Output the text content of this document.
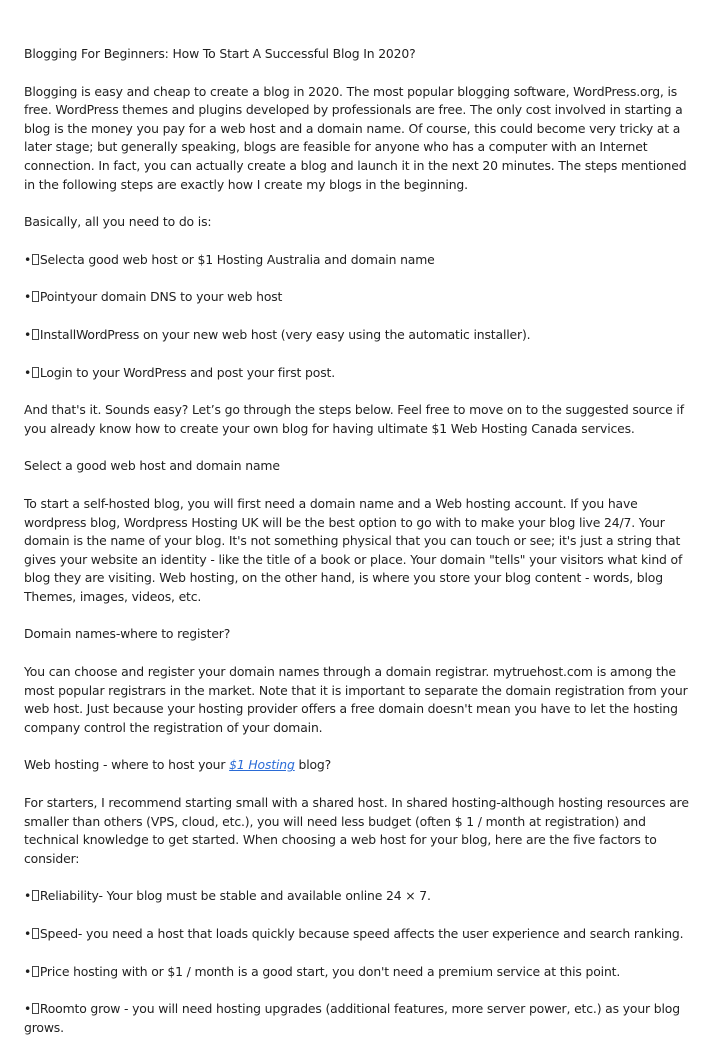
Blogging For Beginners: How To Start A Successful Blog In 2020?

Blogging is easy and cheap to create a blog in 2020. The most popular blogging software, WordPress.org, is free. WordPress themes and plugins developed by professionals are free. The only cost involved in starting a blog is the money you pay for a web host and a domain name. Of course, this could become very tricky at a later stage; but generally speaking, blogs are feasible for anyone who has a computer with an Internet connection. In fact, you can actually create a blog and launch it in the next 20 minutes. The steps mentioned in the following steps are exactly how I create my blogs in the beginning.

Basically, all you need to do is:

• Selecta good web host or $1 Hosting Australia and domain name

• Pointyour domain DNS to your web host

• InstallWordPress on your new web host (very easy using the automatic installer).

• Login to your WordPress and post your first post.

And that's it. Sounds easy? Let’s go through the steps below. Feel free to move on to the suggested source if you already know how to create your own blog for having ultimate $1 Web Hosting Canada services.

Select a good web host and domain name

To start a self-hosted blog, you will first need a domain name and a Web hosting account. If you have wordpress blog, Wordpress Hosting UK will be the best option to go with to make your blog live 24/7. Your domain is the name of your blog. It's not something physical that you can touch or see; it's just a string that gives your website an identity - like the title of a book or place. Your domain "tells" your visitors what kind of blog they are visiting. Web hosting, on the other hand, is where you store your blog content - words, blog Themes, images, videos, etc.

Domain names-where to register?

You can choose and register your domain names through a domain registrar. mytruehost.com is among the most popular registrars in the market. Note that it is important to separate the domain registration from your web host. Just because your hosting provider offers a free domain doesn't mean you have to let the hosting company control the registration of your domain.

Web hosting - where to host your $1 Hosting blog?

For starters, I recommend starting small with a shared host. In shared hosting-although hosting resources are smaller than others (VPS, cloud, etc.), you will need less budget (often $ 1 / month at registration) and technical knowledge to get started. When choosing a web host for your blog, here are the five factors to consider:

• Reliability- Your blog must be stable and available online 24 × 7.

• Speed- you need a host that loads quickly because speed affects the user experience and search ranking.

• Price hosting with or $1 / month is a good start, you don't need a premium service at this point.

• Roomto grow - you will need hosting upgrades (additional features, more server power, etc.) as your blog grows.
